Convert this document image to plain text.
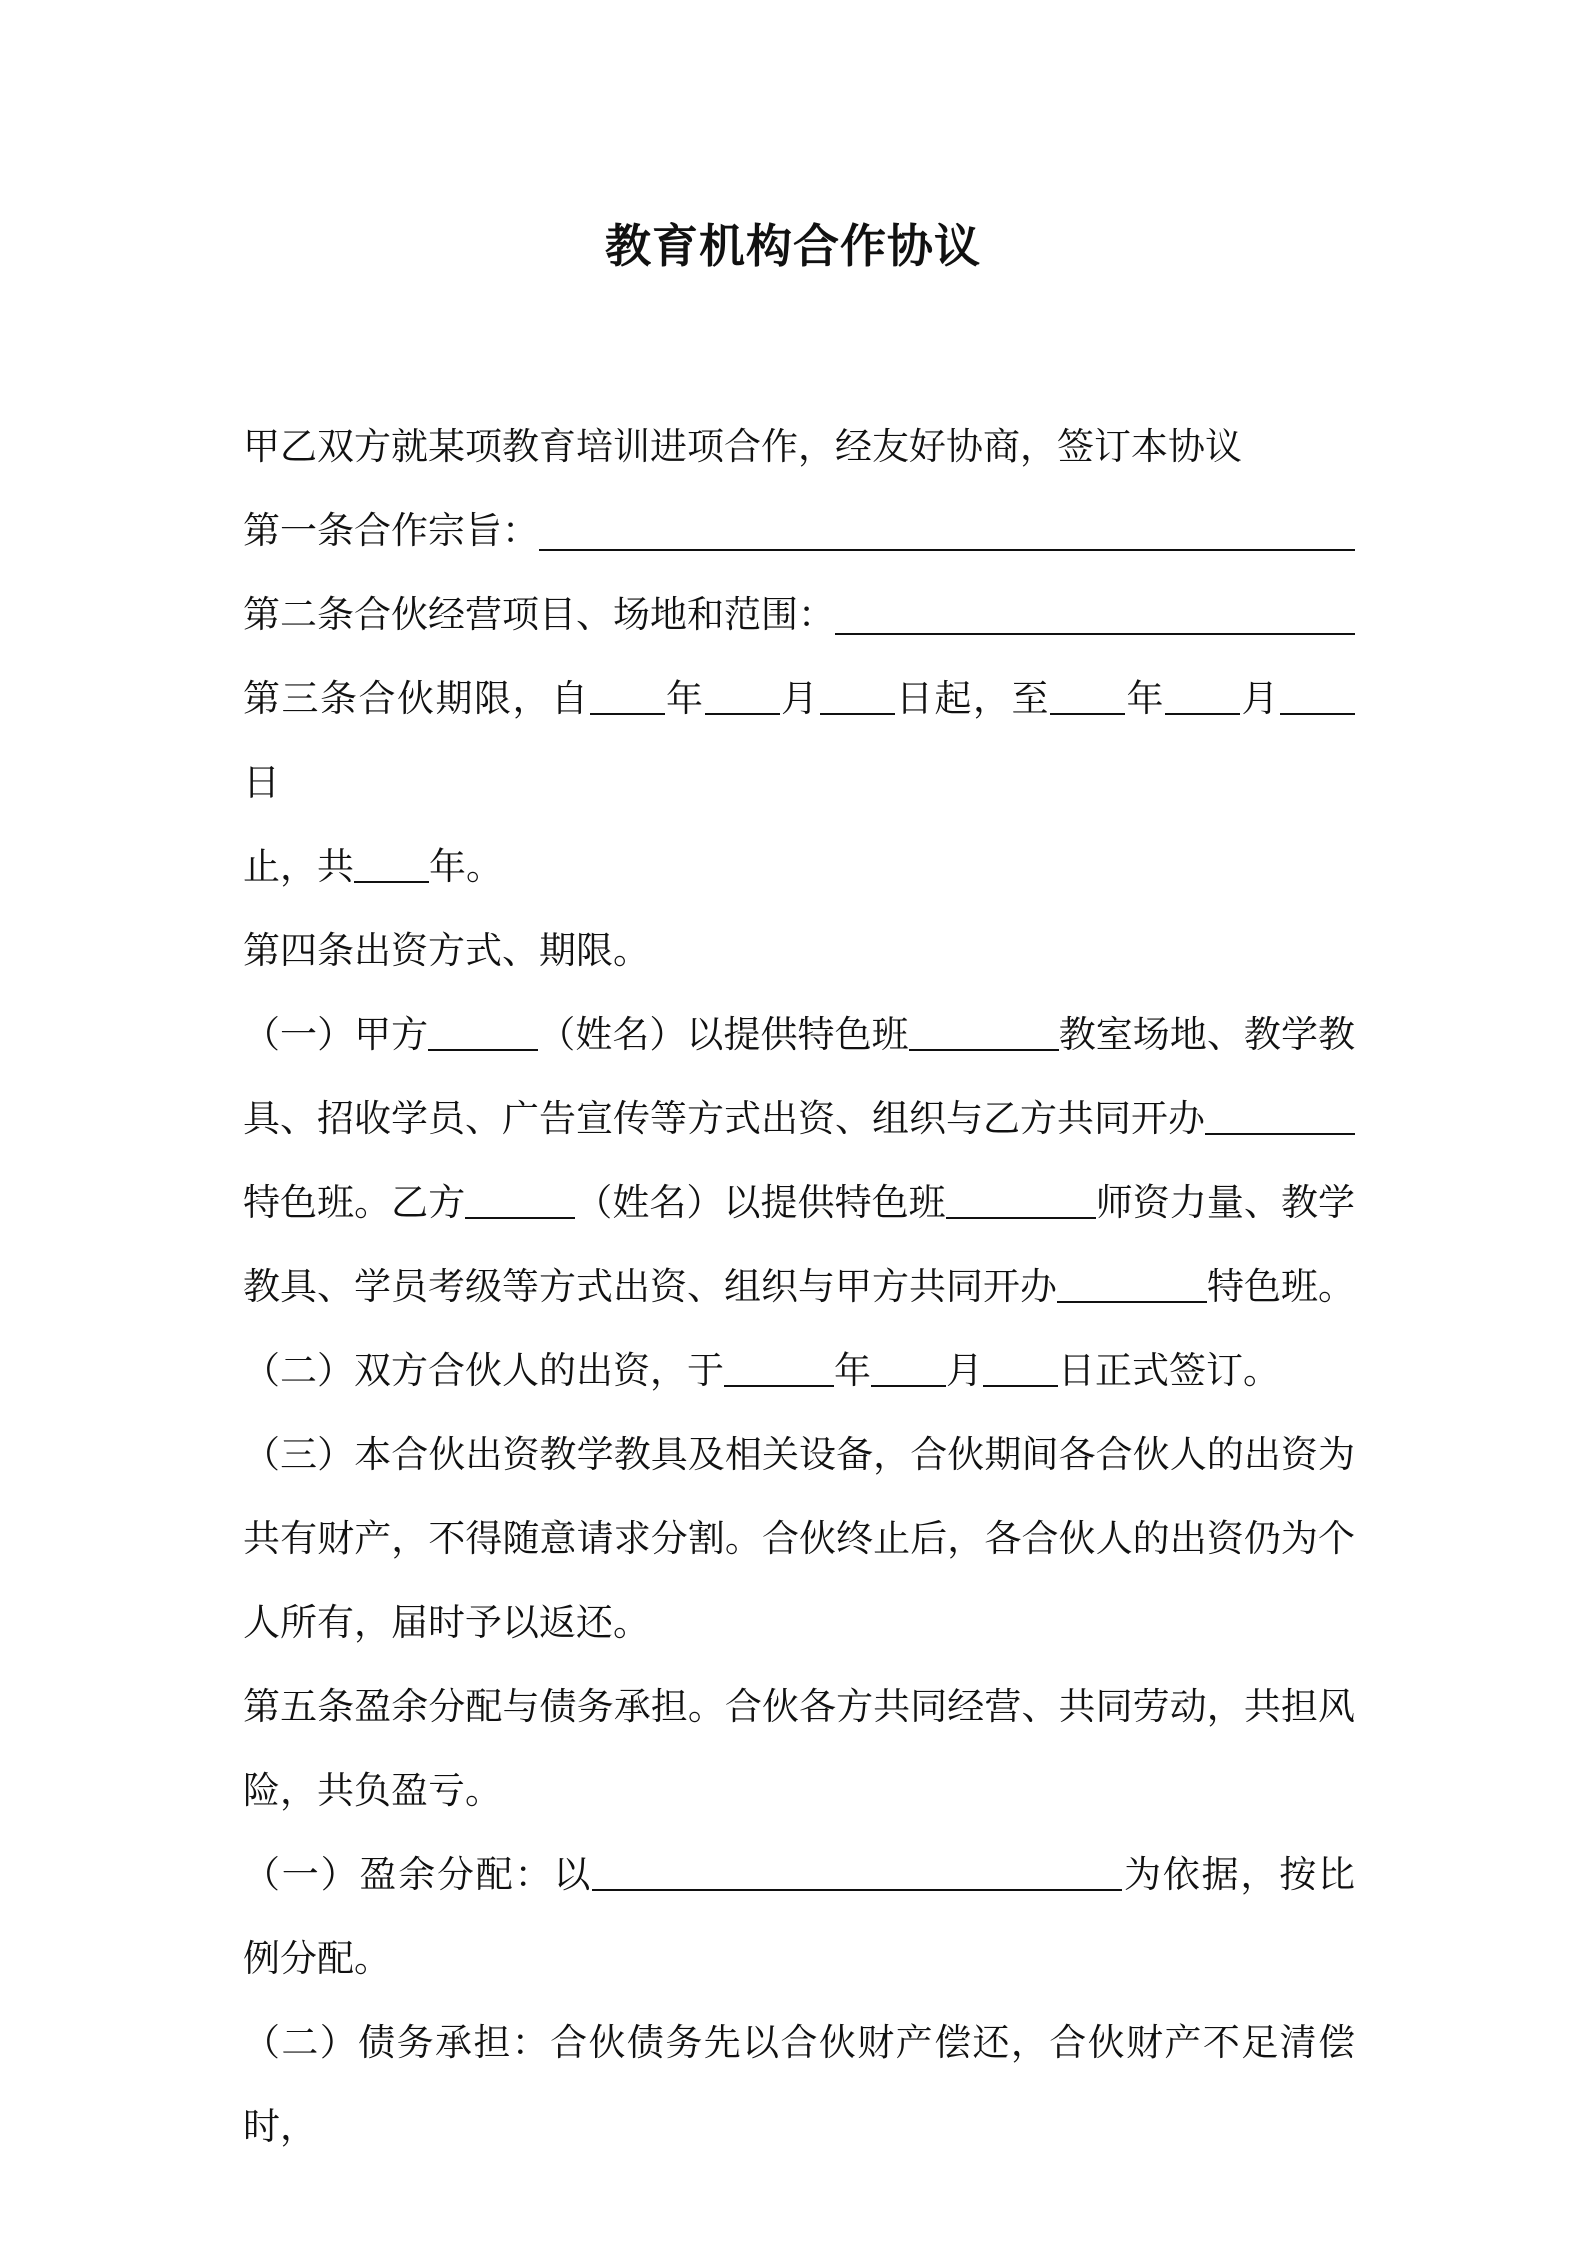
教育机构合作协议

甲乙双方就某项教育培训进项合作，经友好协商，签订本协议

第一条合作宗旨：
第二条合伙经营项目、场地和范围：

第三条合伙期限，自 年 月 日起，至 年 月日
止，共 年。

第四条出资方式、期限。

（一）甲方	（姓名）以提供特色班	教室场地、教学教具、招收学员、广告宣传等方式出资、组织与乙方共同开办特色班。乙方	（姓名）以提供特色班	师资力量、教学教具、学员考级等方式出资、组织与甲方共同开办	特色班。

（二）双方合伙人的出资，于	年 月 日正式签订。

（三）本合伙出资教学教具及相关设备，合伙期间各合伙人的出资为共有财产，不得随意请求分割。合伙终止后，各合伙人的出资仍为个人所有，届时予以返还。

第五条盈余分配与债务承担。合伙各方共同经营、共同劳动，共担风险，共负盈亏。

（一）盈余分配：以	为依据，按比例分配。

（二）债务承担：合伙债务先以合伙财产偿还，合伙财产不足清偿时，
